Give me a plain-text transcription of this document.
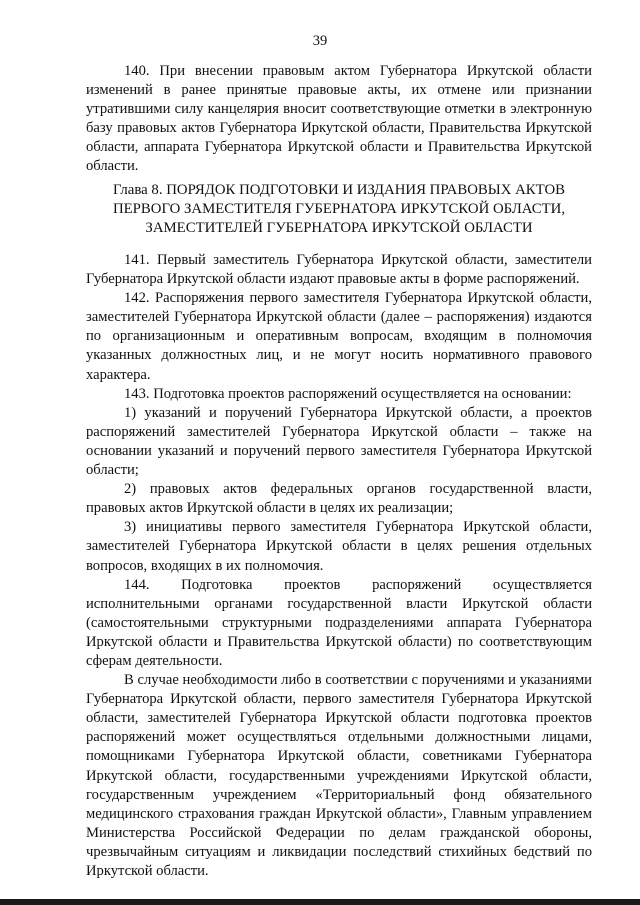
39

140. При внесении правовым актом Губернатора Иркутской области изменений в ранее принятые правовые акты, их отмене или признании утратившими силу канцелярия вносит соответствующие отметки в электронную базу правовых актов Губернатора Иркутской области, Правительства Иркутской области, аппарата Губернатора Иркутской области и Правительства Иркутской области.

Глава 8. ПОРЯДОК ПОДГОТОВКИ И ИЗДАНИЯ ПРАВОВЫХ АКТОВ
ПЕРВОГО ЗАМЕСТИТЕЛЯ ГУБЕРНАТОРА ИРКУТСКОЙ ОБЛАСТИ,
ЗАМЕСТИТЕЛЕЙ ГУБЕРНАТОРА ИРКУТСКОЙ ОБЛАСТИ

141. Первый заместитель Губернатора Иркутской области, заместители Губернатора Иркутской области издают правовые акты в форме распоряжений.

142. Распоряжения первого заместителя Губернатора Иркутской области, заместителей Губернатора Иркутской области (далее – распоряжения) издаются по организационным и оперативным вопросам, входящим в полномочия указанных должностных лиц, и не могут носить нормативного правового характера.

143. Подготовка проектов распоряжений осуществляется на основании:

1) указаний и поручений Губернатора Иркутской области, а проектов распоряжений заместителей Губернатора Иркутской области – также на основании указаний и поручений первого заместителя Губернатора Иркутской области;

2) правовых актов федеральных органов государственной власти, правовых актов Иркутской области в целях их реализации;

3) инициативы первого заместителя Губернатора Иркутской области, заместителей Губернатора Иркутской области в целях решения отдельных вопросов, входящих в их полномочия.

144. Подготовка проектов распоряжений осуществляется исполнительными органами государственной власти Иркутской области (самостоятельными структурными подразделениями аппарата Губернатора Иркутской области и Правительства Иркутской области) по соответствующим сферам деятельности.

В случае необходимости либо в соответствии с поручениями и указаниями Губернатора Иркутской области, первого заместителя Губернатора Иркутской области, заместителей Губернатора Иркутской области подготовка проектов распоряжений может осуществляться отдельными должностными лицами, помощниками Губернатора Иркутской области, советниками Губернатора Иркутской области, государственными учреждениями Иркутской области, государственным учреждением «Территориальный фонд обязательного медицинского страхования граждан Иркутской области», Главным управлением Министерства Российской Федерации по делам гражданской обороны, чрезвычайным ситуациям и ликвидации последствий стихийных бедствий по Иркутской области.
